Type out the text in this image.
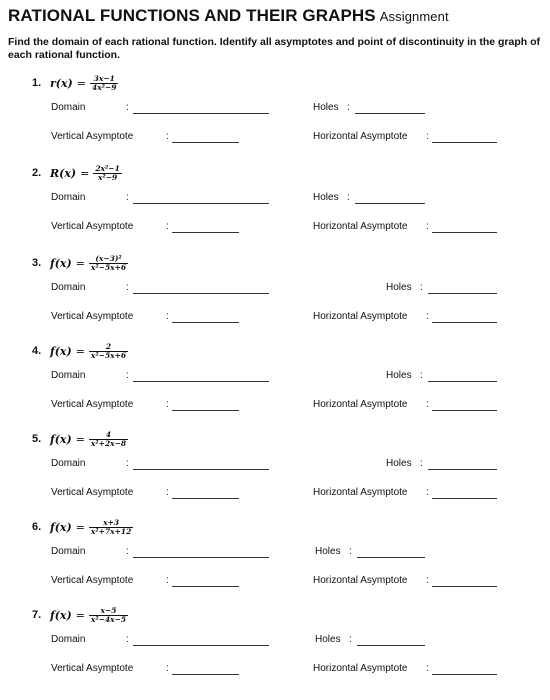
RATIONAL FUNCTIONS AND THEIR GRAPHS Assignment
Find the domain of each rational function. Identify all asymptotes and point of discontinuity in the graph of each rational function.
1. $r(x) = \frac{3x-1}{\text{4x²−9}}$
Domain	:	Holes :
Vertical Asymptote	:	Horizontal Asymptote :
2. $R(x) = \frac{\text{2x²−1}}{\text{x²−9}}$
Domain	:	Holes :
Vertical Asymptote	:	Horizontal Asymptote :
3. $f(x) = \frac{\text{(x−3)²}}{\text{x²−5x+6}}$
Domain	:	Holes :
Vertical Asymptote	:	Horizontal Asymptote :
4. $f(x) = \frac{2}{\text{x²−5x+6}}$
Domain	:	Holes :
Vertical Asymptote	:	Horizontal Asymptote :
5. $f(x) = \frac{4}{\text{x²+2x−8}}$
Domain	:	Holes :
Vertical Asymptote	:	Horizontal Asymptote :
6. $f(x) = \frac{x+3}{\text{x²+7x+12}}$
Domain	:	Holes :
Vertical Asymptote	:	Horizontal Asymptote :
7. $f(x) = \frac{x-5}{\text{x²−4x−5}}$
Domain	:	Holes :
Vertical Asymptote	:	Horizontal Asymptote :
